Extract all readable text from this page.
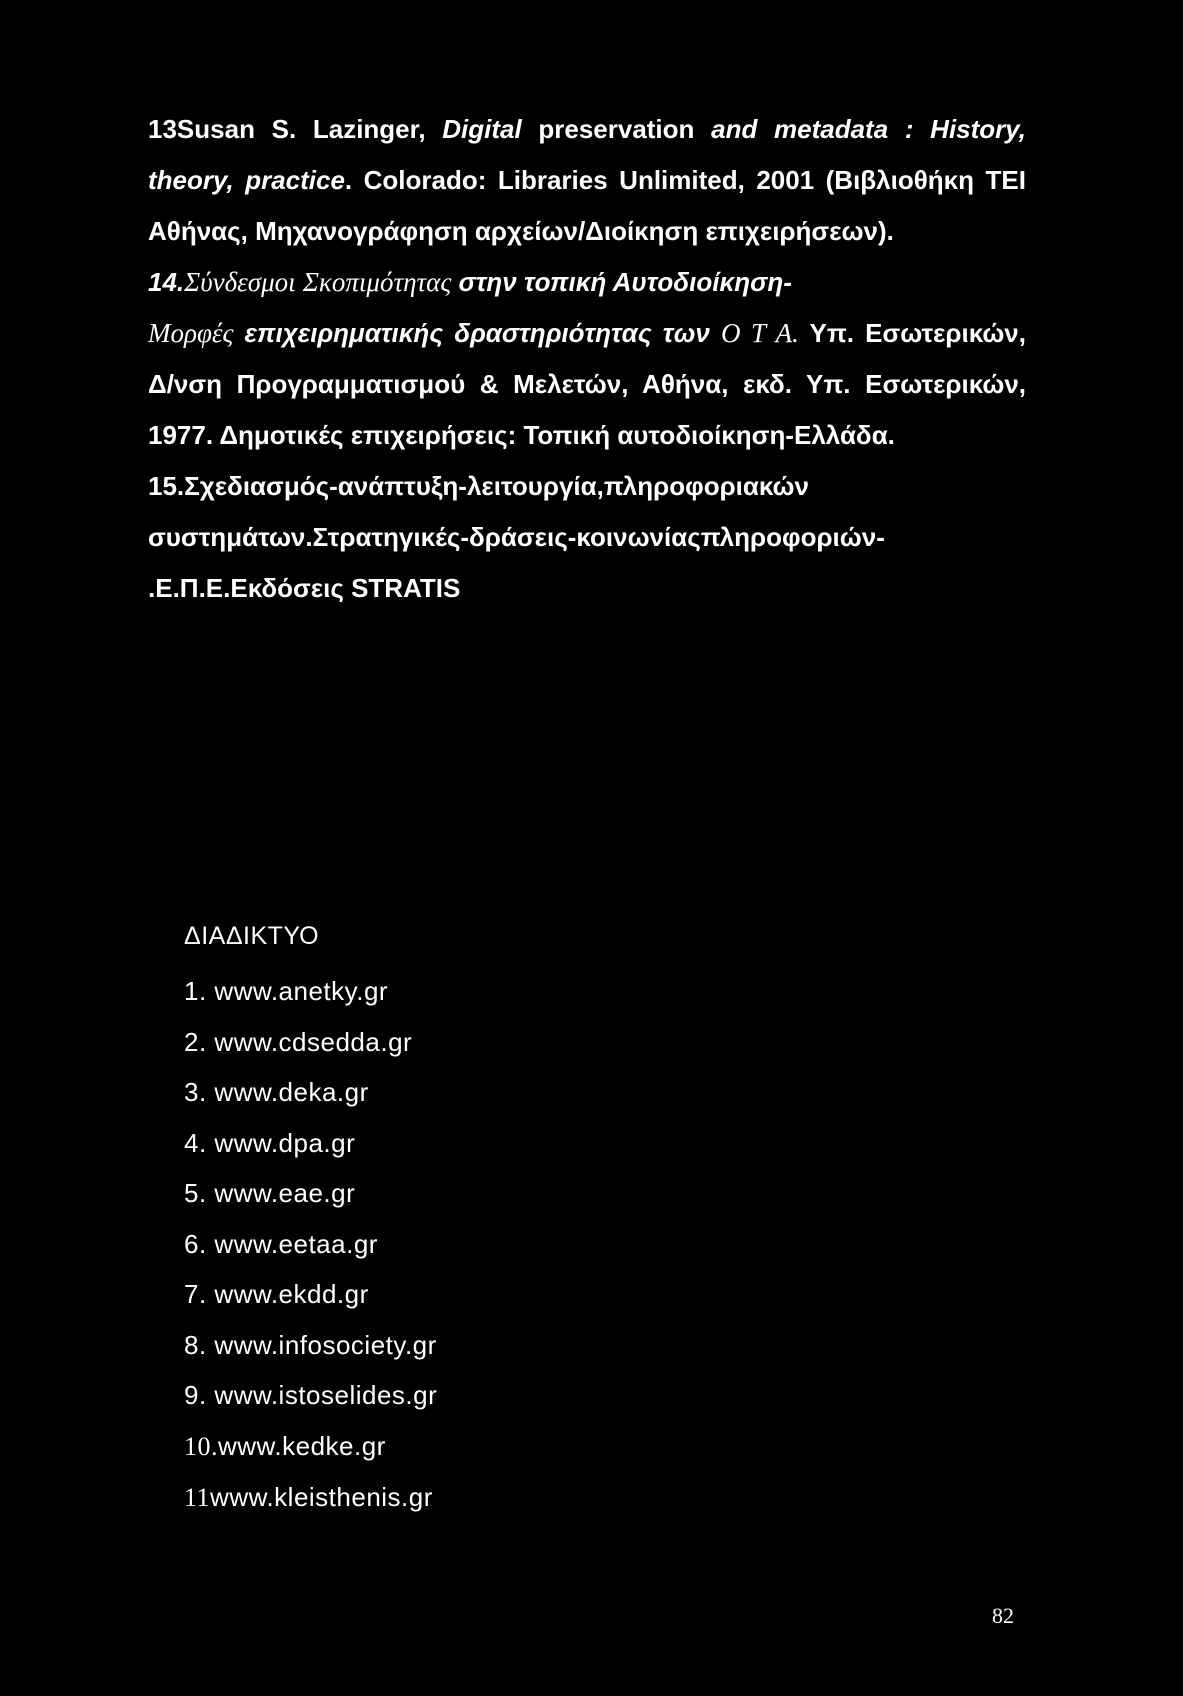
13Susan S. Lazinger, Digital preservation and metadata : History, theory, practice. Colorado: Libraries Unlimited, 2001 (Βιβλιοθήκη ΤΕΙ Αθήνας, Μηχανογράφηση αρχείων/Διοίκηση επιχειρήσεων).

14.Σύνδεσμοι Σκοπιμότητας στην τοπική Αυτοδιοίκηση-
Μορφές επιχειρηματικής δραστηριότητας των Ο Τ Α. Υπ. Εσωτερικών, Δ/νση Προγραμματισμού & Μελετών, Αθήνα, εκδ. Υπ. Εσωτερικών, 1977. Δημοτικές επιχειρήσεις: Τοπική αυτοδιοίκηση-Ελλάδα.

15.Σχεδιασμός-ανάπτυξη-λειτουργία,πληροφοριακών
συστημάτων.Στρατηγικές-δράσεις-κοινωνίαςπληροφοριών-
.Ε.Π.Ε.Εκδόσεις STRATIS

ΔΙΑΔΙΚΤΥΟ
1. www.anetky.gr
2. www.cdsedda.gr
3. www.deka.gr
4. www.dpa.gr
5. www.eae.gr
6. www.eetaa.gr
7. www.ekdd.gr
8. www.infosociety.gr
9. www.istoselides.gr
10.www.kedke.gr
11www.kleisthenis.gr
82
